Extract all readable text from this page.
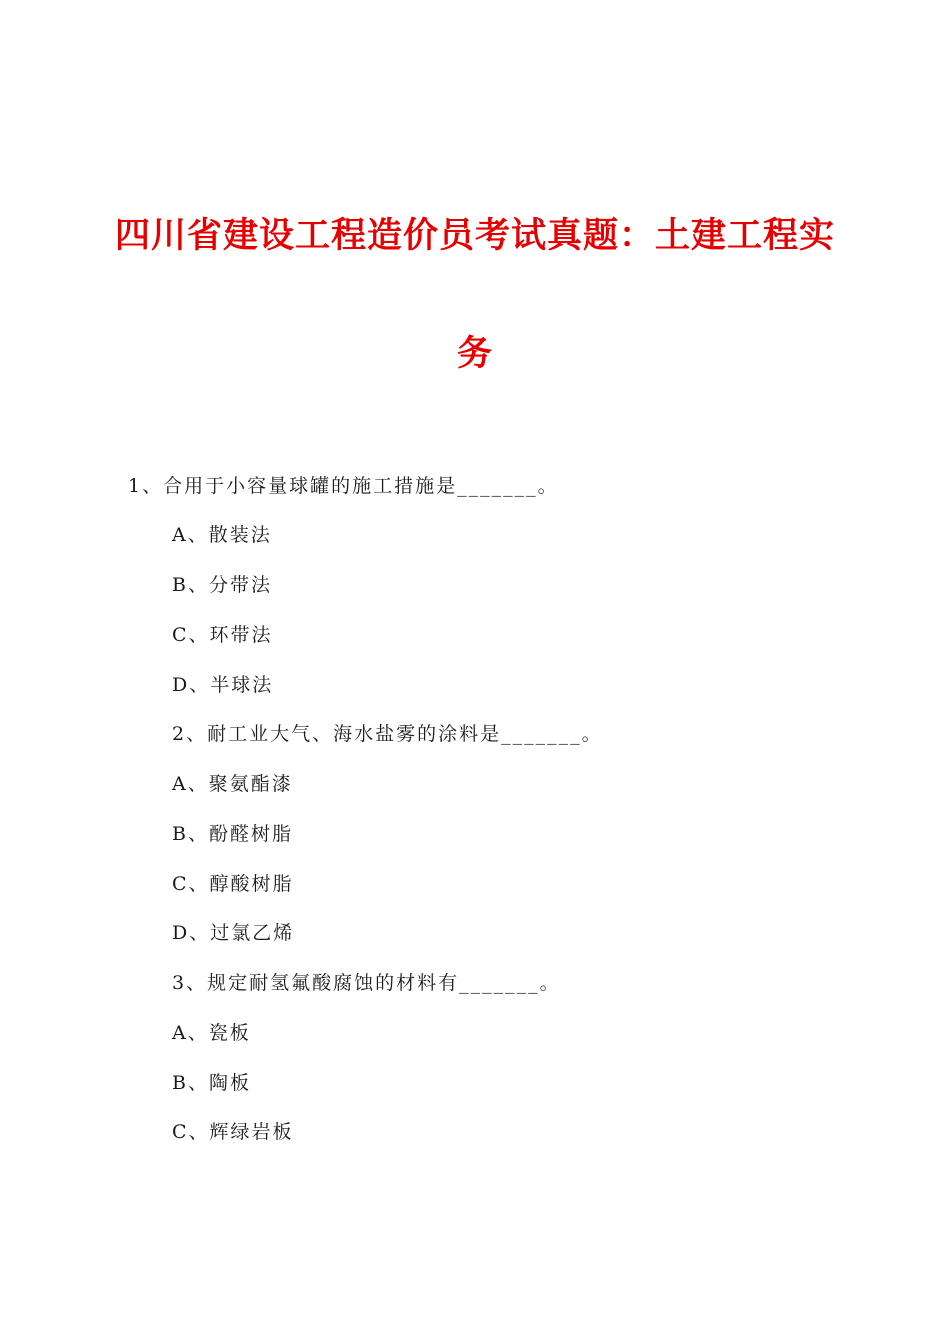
四川省建设工程造价员考试真题：土建工程实
务
1、合用于小容量球罐的施工措施是_______。
A、散装法
B、分带法
C、环带法
D、半球法
2、耐工业大气、海水盐雾的涂料是_______。
A、聚氨酯漆
B、酚醛树脂
C、醇酸树脂
D、过氯乙烯
3、规定耐氢氟酸腐蚀的材料有_______。
A、瓷板
B、陶板
C、辉绿岩板
